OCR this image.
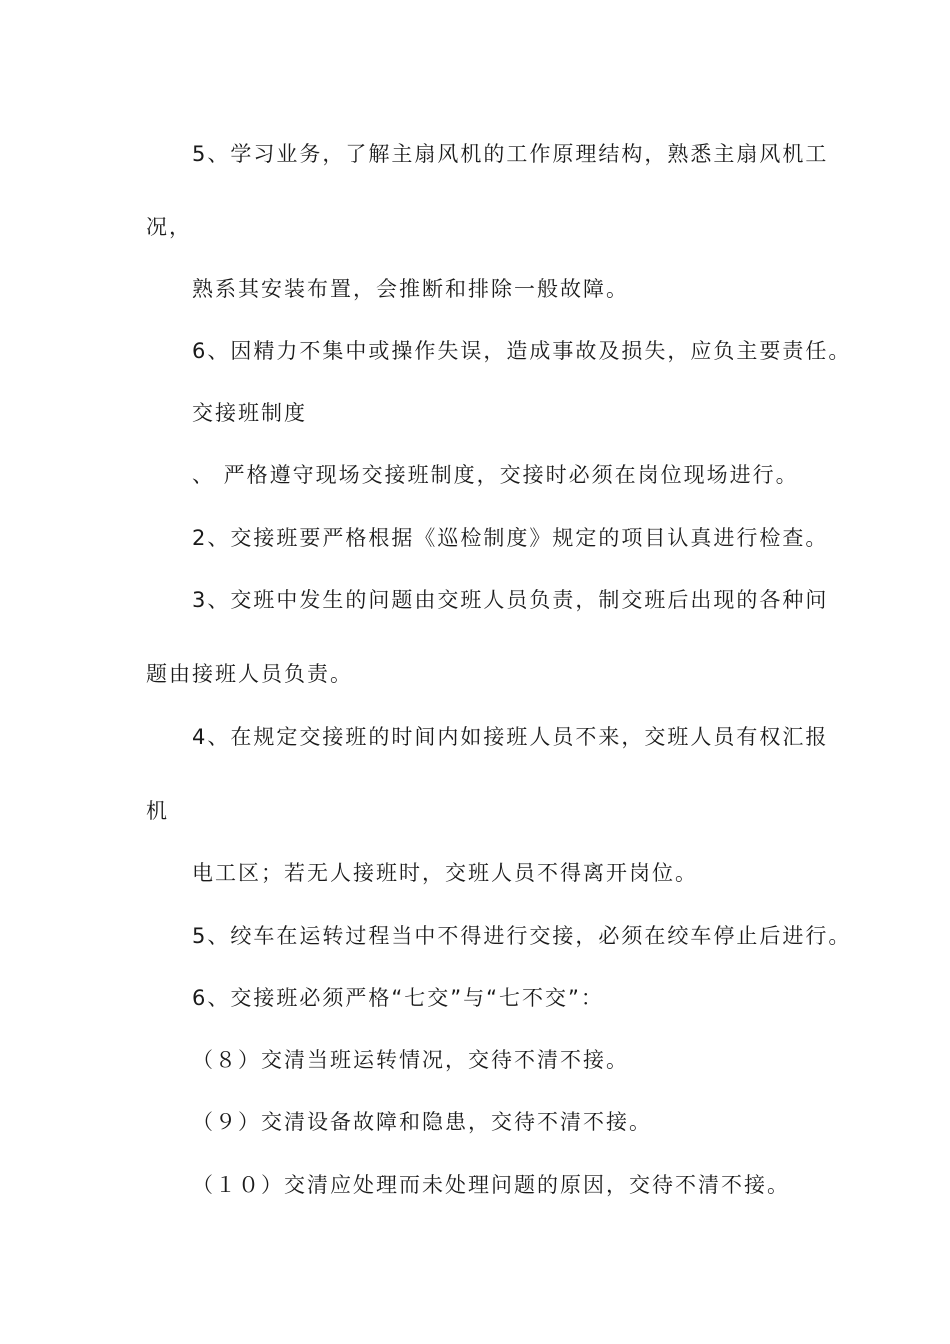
5、学习业务，了解主扇风机的工作原理结构，熟悉主扇风机工
况，
熟系其安装布置，会推断和排除一般故障。
6、因精力不集中或操作失误，造成事故及损失，应负主要责任。
交接班制度
、 严格遵守现场交接班制度，交接时必须在岗位现场进行。
2、交接班要严格根据《巡检制度》规定的项目认真进行检查。
3、交班中发生的问题由交班人员负责，制交班后出现的各种问
题由接班人员负责。
4、在规定交接班的时间内如接班人员不来，交班人员有权汇报
机
电工区；若无人接班时，交班人员不得离开岗位。
5、绞车在运转过程当中不得进行交接，必须在绞车停止后进行。
6、交接班必须严格“七交”与“七不交”：
（８）交清当班运转情况，交待不清不接。
（９）交清设备故障和隐患，交待不清不接。
（１０）交清应处理而未处理问题的原因，交待不清不接。
